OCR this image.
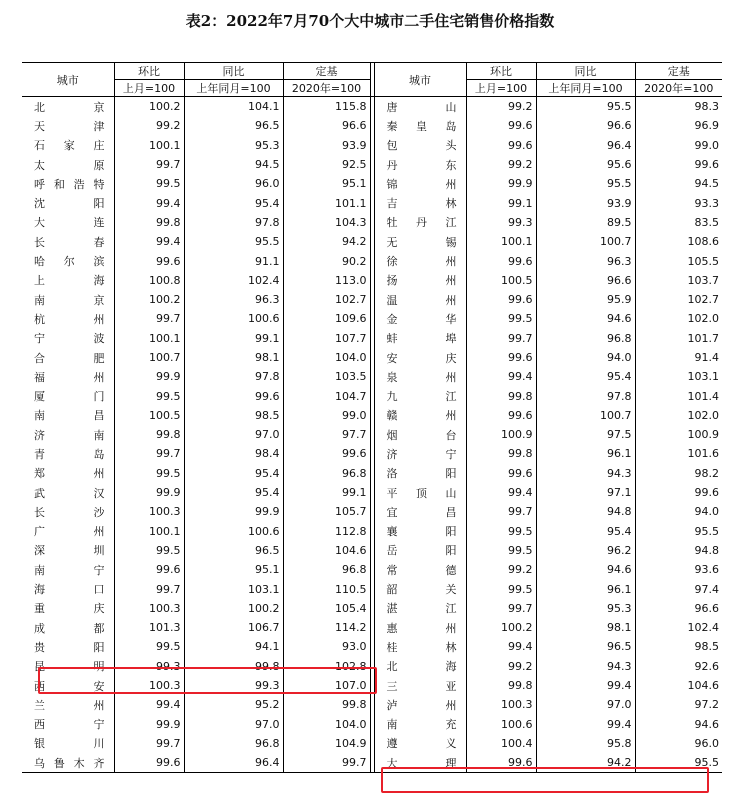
表2：2022年7月70个大中城市二手住宅销售价格指数
城市	环比	同比	定基		城市	环比	同比	定基
	上月=100	上年同月=100	2020年=100			上月=100	上年同月=100	2020年=100
北京	100.2	104.1	115.8		唐山	99.2	95.5	98.3
天津	99.2	96.5	96.6		秦皇岛	99.6	96.6	96.9
石家庄	100.1	95.3	93.9		包头	99.6	96.4	99.0
太原	99.7	94.5	92.5		丹东	99.2	95.6	99.6
呼和浩特	99.5	96.0	95.1		锦州	99.9	95.5	94.5
沈阳	99.4	95.4	101.1		吉林	99.1	93.9	93.3
大连	99.8	97.8	104.3		牡丹江	99.3	89.5	83.5
长春	99.4	95.5	94.2		无锡	100.1	100.7	108.6
哈尔滨	99.6	91.1	90.2		徐州	99.6	96.3	105.5
上海	100.8	102.4	113.0		扬州	100.5	96.6	103.7
南京	100.2	96.3	102.7		温州	99.6	95.9	102.7
杭州	99.7	100.6	109.6		金华	99.5	94.6	102.0
宁波	100.1	99.1	107.7		蚌埠	99.7	96.8	101.7
合肥	100.7	98.1	104.0		安庆	99.6	94.0	91.4
福州	99.9	97.8	103.5		泉州	99.4	95.4	103.1
厦门	99.5	99.6	104.7		九江	99.8	97.8	101.4
南昌	100.5	98.5	99.0		赣州	99.6	100.7	102.0
济南	99.8	97.0	97.7		烟台	100.9	97.5	100.9
青岛	99.7	98.4	99.6		济宁	99.8	96.1	101.6
郑州	99.5	95.4	96.8		洛阳	99.6	94.3	98.2
武汉	99.9	95.4	99.1		平顶山	99.4	97.1	99.6
长沙	100.3	99.9	105.7		宜昌	99.7	94.8	94.0
广州	100.1	100.6	112.8		襄阳	99.5	95.4	95.5
深圳	99.5	96.5	104.6		岳阳	99.5	96.2	94.8
南宁	99.6	95.1	96.8		常德	99.2	94.6	93.6
海口	99.7	103.1	110.5		韶关	99.5	96.1	97.4
重庆	100.3	100.2	105.4		湛江	99.7	95.3	96.6
成都	101.3	106.7	114.2		惠州	100.2	98.1	102.4
贵阳	99.5	94.1	93.0		桂林	99.4	96.5	98.5
昆明	99.3	99.8	102.8		北海	99.2	94.3	92.6
西安	100.3	99.3	107.0		三亚	99.8	99.4	104.6
兰州	99.4	95.2	99.8		泸州	100.3	97.0	97.2
西宁	99.9	97.0	104.0		南充	100.6	99.4	94.6
银川	99.7	96.8	104.9		遵义	100.4	95.8	96.0
乌鲁木齐	99.6	96.4	99.7		大理	99.6	94.2	95.5
